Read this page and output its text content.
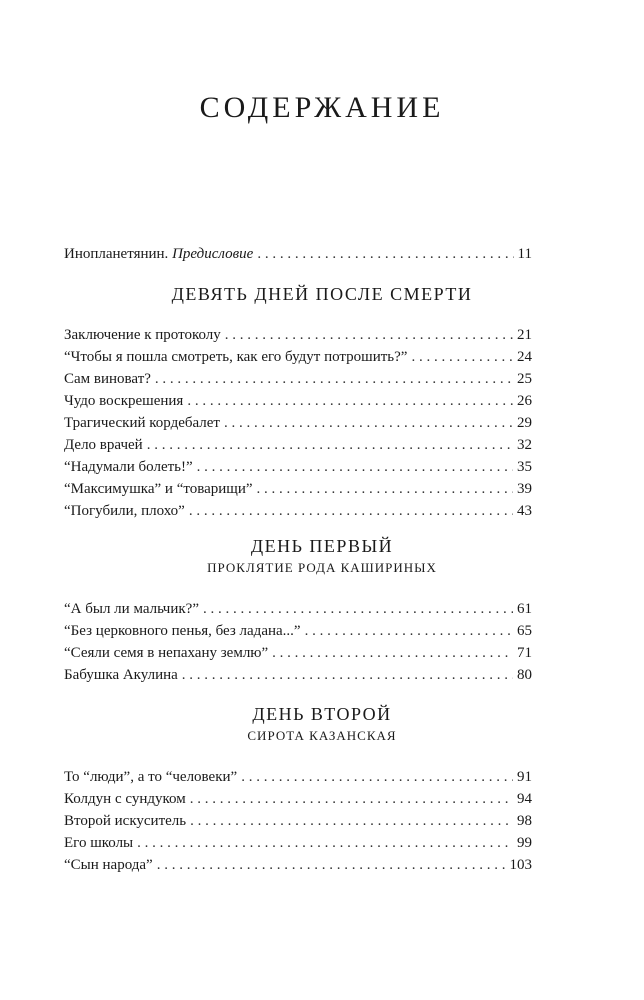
СОДЕРЖАНИЕ
Инопланетянин. Предисловие . . .	11
ДЕВЯТЬ ДНЕЙ ПОСЛЕ СМЕРТИ
Заключение к протоколу . . .	21
“Чтобы я пошла смотреть, как его будут потрошить?” . . .	24
Сам виноват? . . .	25
Чудо воскрешения . . .	26
Трагический кордебалет . . .	29
Дело врачей . . .	32
“Надумали болеть!” . . .	35
“Максимушка” и “товарищи” . . .	39
“Погубили, плохо” . . .	43
ДЕНЬ ПЕРВЫЙ
ПРОКЛЯТИЕ РОДА КАШИРИНЫХ
“А был ли мальчик?” . . .	61
“Без церковного пенья, без ладана...” . . .	65
“Сеяли семя в непахану землю” . . .	71
Бабушка Акулина . . .	80
ДЕНЬ ВТОРОЙ
СИРОТА КАЗАНСКАЯ
То “люди”, а то “человеки” . . .	91
Колдун с сундуком . . .	94
Второй искуситель . . .	98
Его школы . . .	99
“Сын народа” . . .	103
